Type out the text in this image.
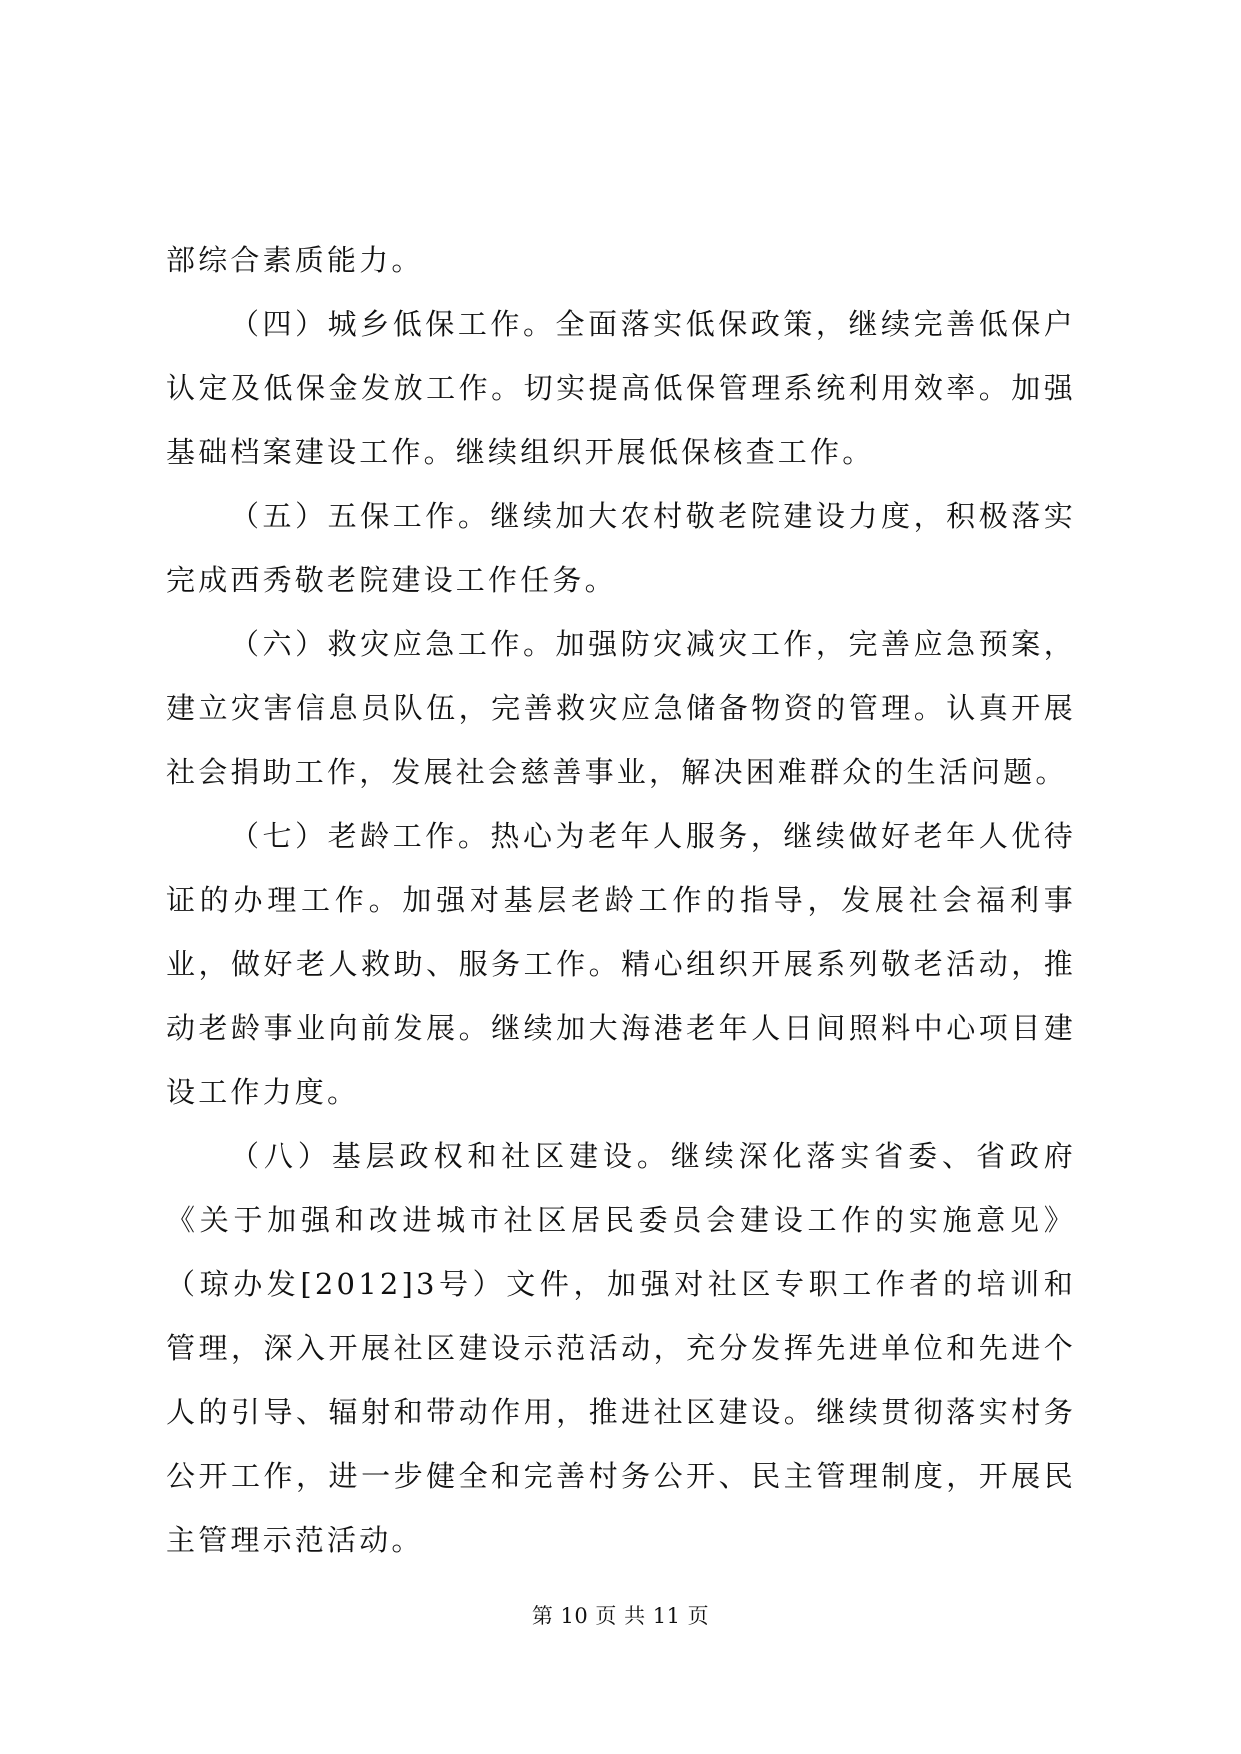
部综合素质能力。

（四）城乡低保工作。全面落实低保政策，继续完善低保户认定及低保金发放工作。切实提高低保管理系统利用效率。加强基础档案建设工作。继续组织开展低保核查工作。

（五）五保工作。继续加大农村敬老院建设力度，积极落实完成西秀敬老院建设工作任务。

（六）救灾应急工作。加强防灾减灾工作，完善应急预案，建立灾害信息员队伍，完善救灾应急储备物资的管理。认真开展社会捐助工作，发展社会慈善事业，解决困难群众的生活问题。

（七）老龄工作。热心为老年人服务，继续做好老年人优待证的办理工作。加强对基层老龄工作的指导，发展社会福利事业，做好老人救助、服务工作。精心组织开展系列敬老活动，推动老龄事业向前发展。继续加大海港老年人日间照料中心项目建设工作力度。

（八）基层政权和社区建设。继续深化落实省委、省政府《关于加强和改进城市社区居民委员会建设工作的实施意见》（琼办发[2012]3号）文件，加强对社区专职工作者的培训和管理，深入开展社区建设示范活动，充分发挥先进单位和先进个人的引导、辐射和带动作用，推进社区建设。继续贯彻落实村务公开工作，进一步健全和完善村务公开、民主管理制度，开展民主管理示范活动。

第 10 页 共 11 页
